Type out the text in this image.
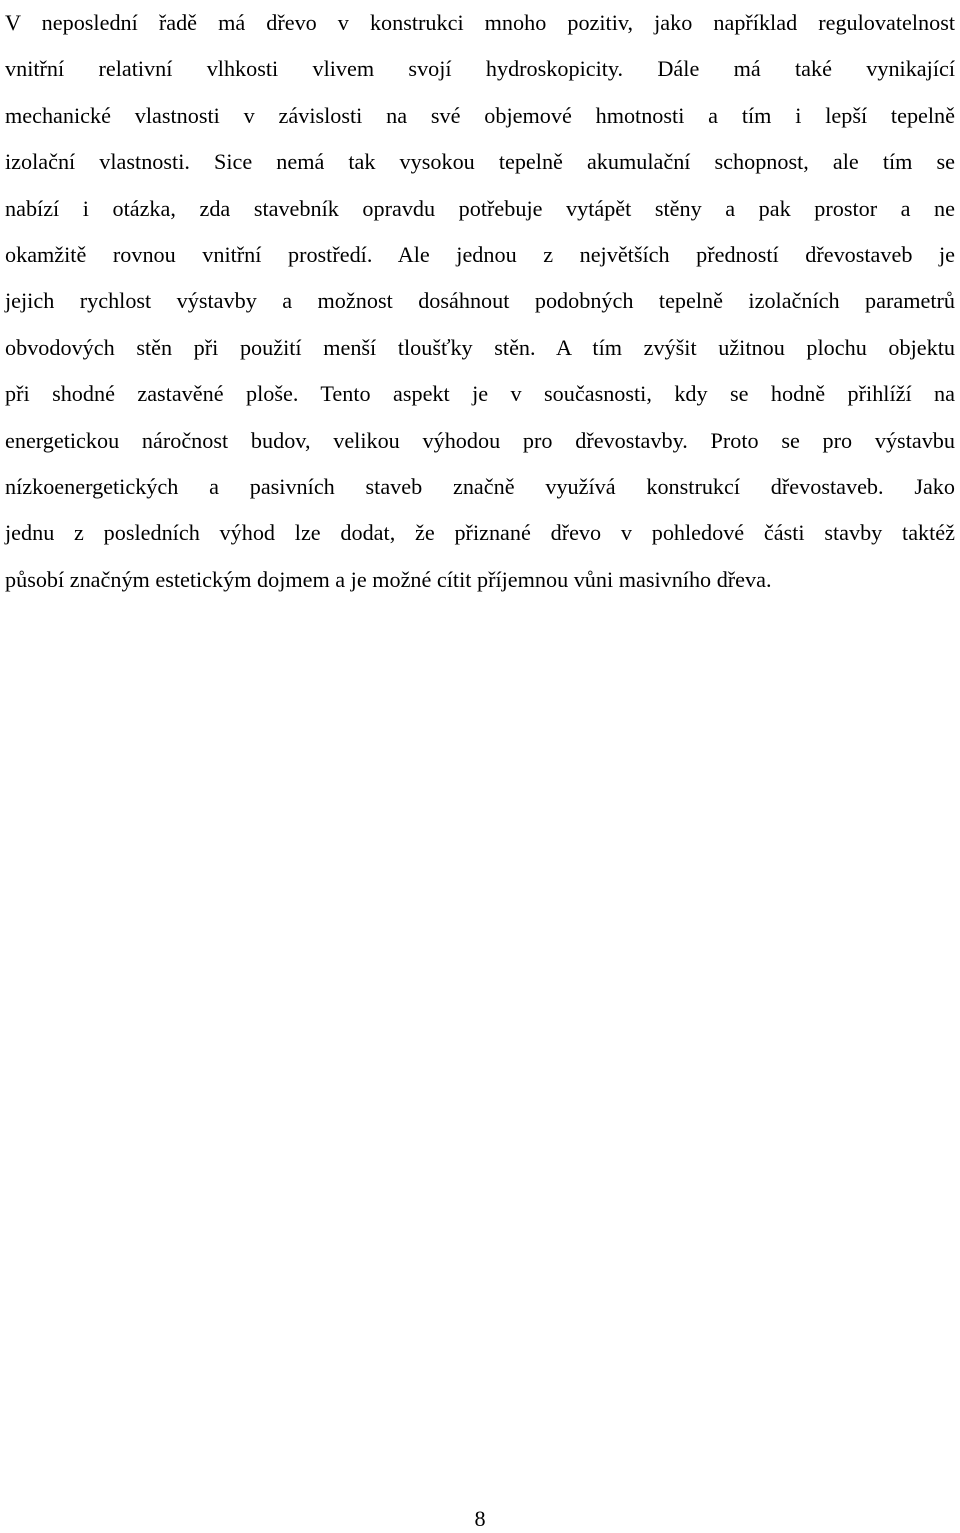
V neposlední řadě má dřevo v konstrukci mnoho pozitiv, jako například regulovatelnost
vnitřní relativní vlhkosti vlivem svojí hydroskopicity. Dále má také vynikající
mechanické vlastnosti v závislosti na své objemové hmotnosti a tím i lepší tepelně
izolační vlastnosti. Sice nemá tak vysokou tepelně akumulační schopnost, ale tím se
nabízí i otázka, zda stavebník opravdu potřebuje vytápět stěny a pak prostor a ne
okamžitě rovnou vnitřní prostředí. Ale jednou z největších předností dřevostaveb je
jejich rychlost výstavby a možnost dosáhnout podobných tepelně izolačních parametrů
obvodových stěn při použití menší tloušťky stěn. A tím zvýšit užitnou plochu objektu
při shodné zastavěné ploše. Tento aspekt je v současnosti, kdy se hodně přihlíží na
energetickou náročnost budov, velikou výhodou pro dřevostavby. Proto se pro výstavbu
nízkoenergetických a pasivních staveb značně využívá konstrukcí dřevostaveb. Jako
jednu z posledních výhod lze dodat, že přiznané dřevo v pohledové části stavby taktéž
působí značným estetickým dojmem a je možné cítit příjemnou vůni masivního dřeva.

8
